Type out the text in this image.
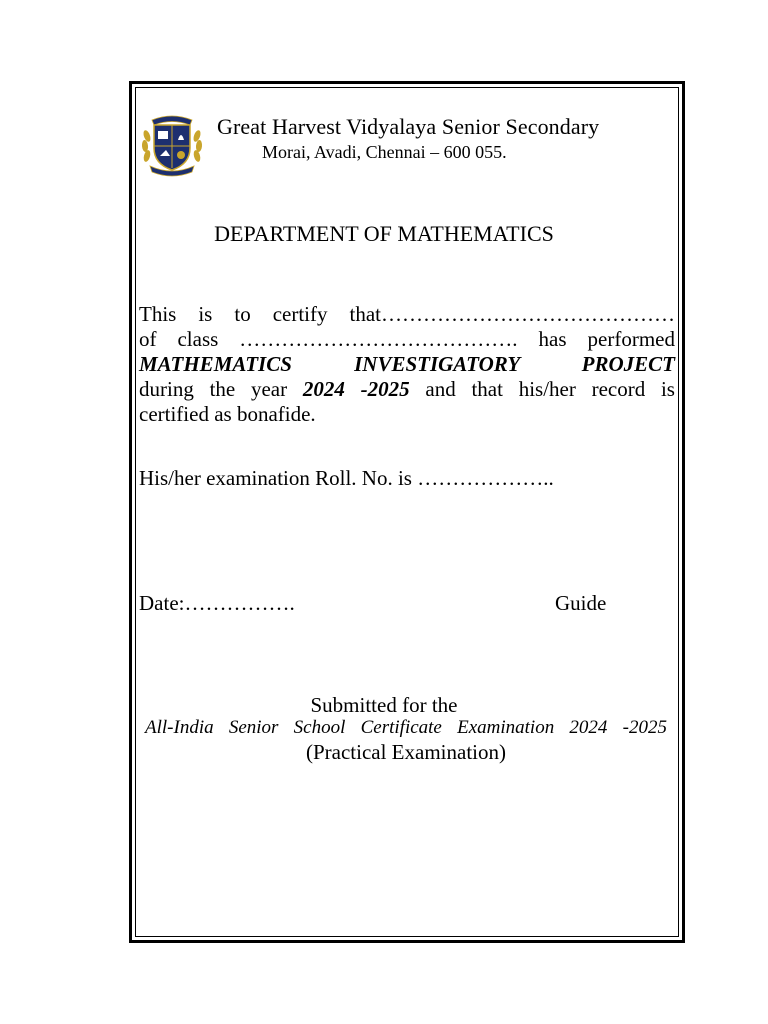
Great Harvest Vidyalaya Senior Secondary
Morai, Avadi, Chennai – 600 055.
DEPARTMENT OF MATHEMATICS
This is to certify that……………………………………
of class …………………………………. has performed
MATHEMATICS	INVESTIGATORY	PROJECT
during the year 2024 -2025 and that his/her record is
certified as bonafide.
His/her examination Roll. No. is ………………..
Date:…………….	Guide
Submitted for the
All-India Senior School Certificate Examination 2024 -2025
(Practical Examination)
